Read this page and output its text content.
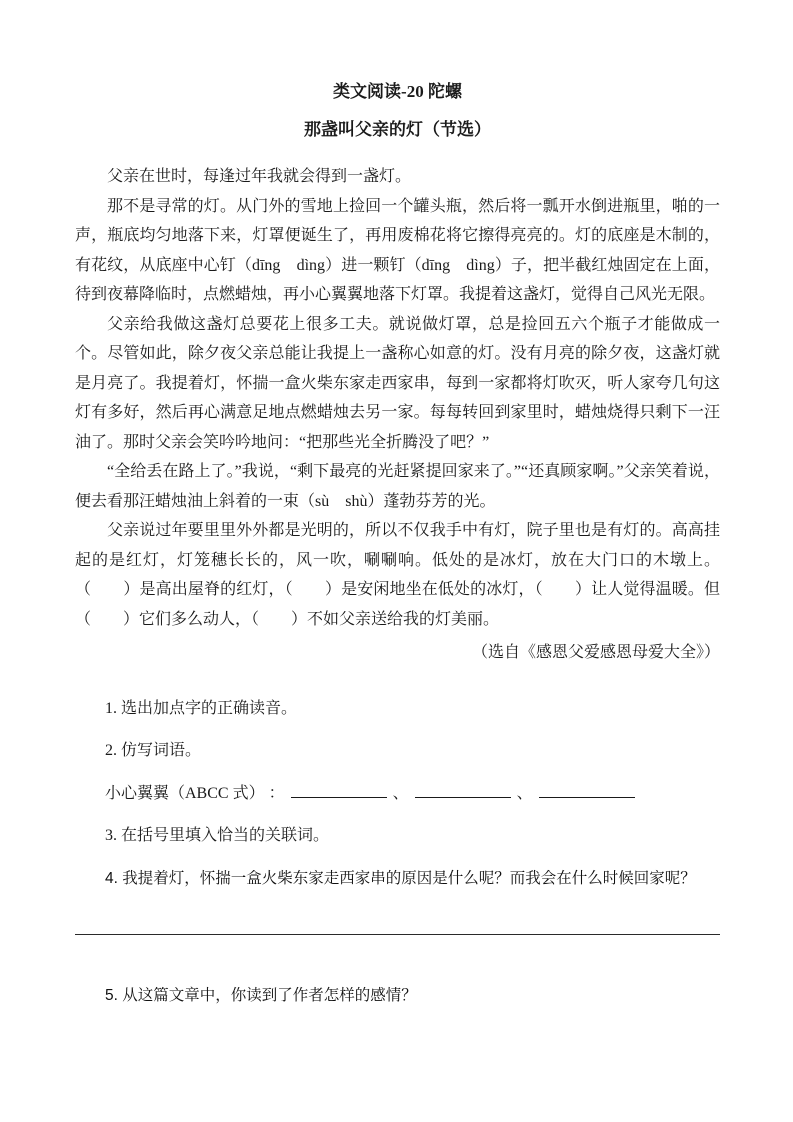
类文阅读-20 陀螺
那盏叫父亲的灯（节选）

父亲在世时，每逢过年我就会得到一盏灯。

那不是寻常的灯。从门外的雪地上捡回一个罐头瓶，然后将一瓢开水倒进瓶里，啪的一声，瓶底均匀地落下来，灯罩便诞生了，再用废棉花将它擦得亮亮的。灯的底座是木制的，有花纹，从底座中心钉（dīng　dìng）进一颗钉（dīng　dìng）子，把半截红烛固定在上面，待到夜幕降临时，点燃蜡烛，再小心翼翼地落下灯罩。我提着这盏灯，觉得自己风光无限。

父亲给我做这盏灯总要花上很多工夫。就说做灯罩，总是捡回五六个瓶子才能做成一个。尽管如此，除夕夜父亲总能让我提上一盏称心如意的灯。没有月亮的除夕夜，这盏灯就是月亮了。我提着灯，怀揣一盒火柴东家走西家串，每到一家都将灯吹灭，听人家夸几句这灯有多好，然后再心满意足地点燃蜡烛去另一家。每每转回到家里时，蜡烛烧得只剩下一汪油了。那时父亲会笑吟吟地问：“把那些光全折腾没了吧？”

“全给丢在路上了。”我说，“剩下最亮的光赶紧提回家来了。”“还真顾家啊。”父亲笑着说，便去看那汪蜡烛油上斜着的一束（sù　shù）蓬勃芬芳的光。

父亲说过年要里里外外都是光明的，所以不仅我手中有灯，院子里也是有灯的。高高挂起的是红灯，灯笼穗长长的，风一吹，唰唰响。低处的是冰灯，放在大门口的木墩上。（　　）是高出屋脊的红灯，（　　）是安闲地坐在低处的冰灯，（　　）让人觉得温暖。但（　　）它们多么动人，（　　）不如父亲送给我的灯美丽。

（选自《感恩父爱感恩母爱大全》）

1. 选出加点字的正确读音。

2. 仿写词语。

小心翼翼（ABCC 式） ：	、	、

3. 在括号里填入恰当的关联词。

4. 我提着灯，怀揣一盒火柴东家走西家串的原因是什么呢？而我会在什么时候回家呢？

5. 从这篇文章中，你读到了作者怎样的感情？
